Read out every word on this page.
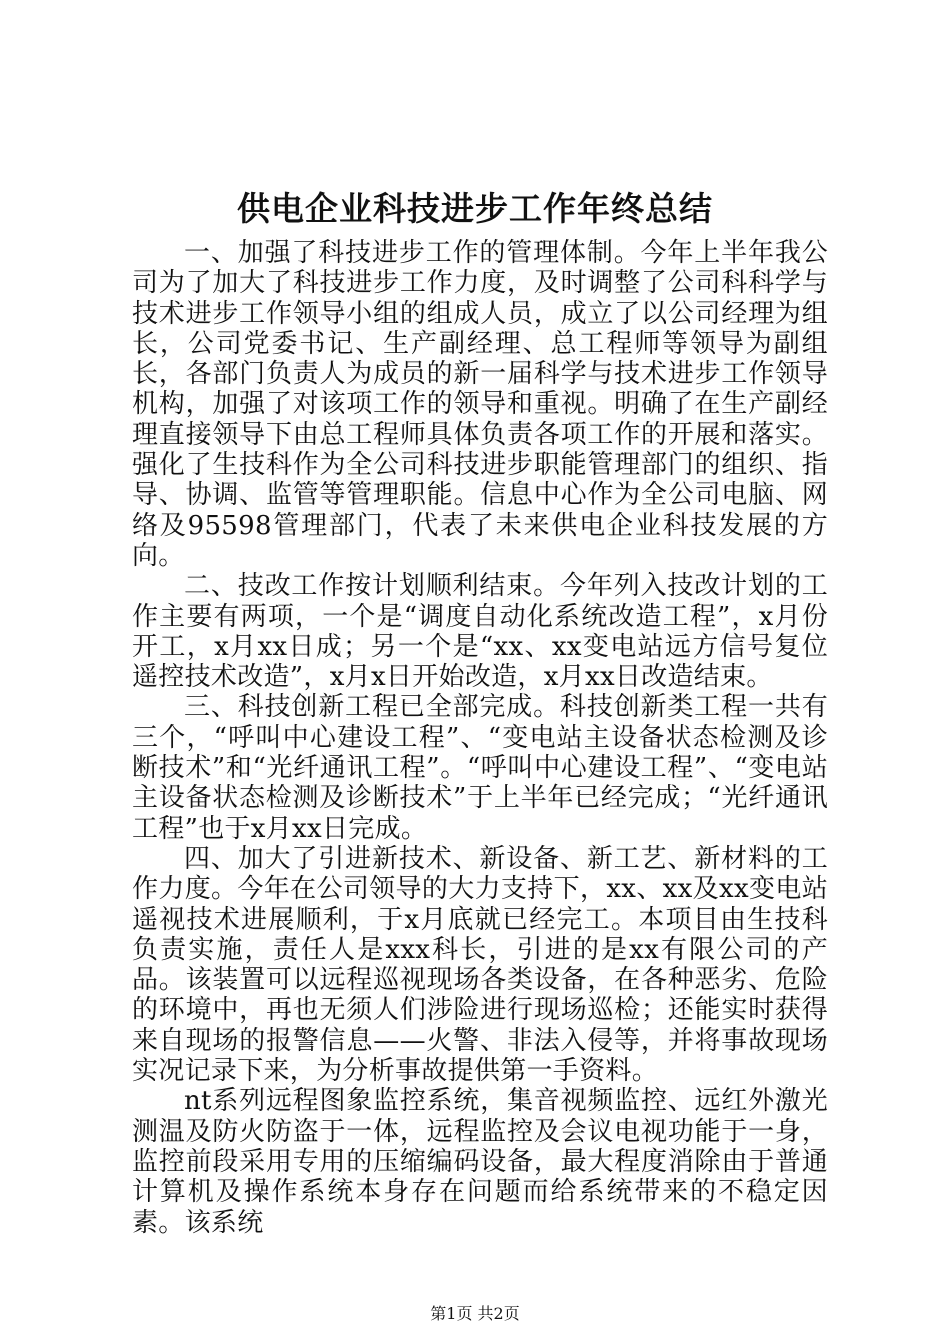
供电企业科技进步工作年终总结

一、加强了科技进步工作的管理体制。今年上半年我公司为了加大了科技进步工作力度，及时调整了公司科科学与技术进步工作领导小组的组成人员，成立了以公司经理为组长，公司党委书记、生产副经理、总工程师等领导为副组长，各部门负责人为成员的新一届科学与技术进步工作领导机构，加强了对该项工作的领导和重视。明确了在生产副经理直接领导下由总工程师具体负责各项工作的开展和落实。强化了生技科作为全公司科技进步职能管理部门的组织、指导、协调、监管等管理职能。信息中心作为全公司电脑、网络及95598管理部门，代表了未来供电企业科技发展的方向。

二、技改工作按计划顺利结束。今年列入技改计划的工作主要有两项，一个是“调度自动化系统改造工程”，x月份开工，x月xx日成；另一个是“xx、xx变电站远方信号复位遥控技术改造”，x月x日开始改造，x月xx日改造结束。

三、科技创新工程已全部完成。科技创新类工程一共有三个，“呼叫中心建设工程”、“变电站主设备状态检测及诊断技术”和“光纤通讯工程”。“呼叫中心建设工程”、“变电站主设备状态检测及诊断技术”于上半年已经完成；“光纤通讯工程”也于x月xx日完成。

四、加大了引进新技术、新设备、新工艺、新材料的工作力度。今年在公司领导的大力支持下，xx、xx及xx变电站遥视技术进展顺利，于x月底就已经完工。本项目由生技科负责实施，责任人是xxx科长，引进的是xx有限公司的产品。该装置可以远程巡视现场各类设备，在各种恶劣、危险的环境中，再也无须人们涉险进行现场巡检；还能实时获得来自现场的报警信息——火警、非法入侵等，并将事故现场实况记录下来，为分析事故提供第一手资料。

nt系列远程图象监控系统，集音视频监控、远红外激光测温及防火防盗于一体，远程监控及会议电视功能于一身，监控前段采用专用的压缩编码设备，最大程度消除由于普通计算机及操作系统本身存在问题而给系统带来的不稳定因素。该系统

第1页 共2页
